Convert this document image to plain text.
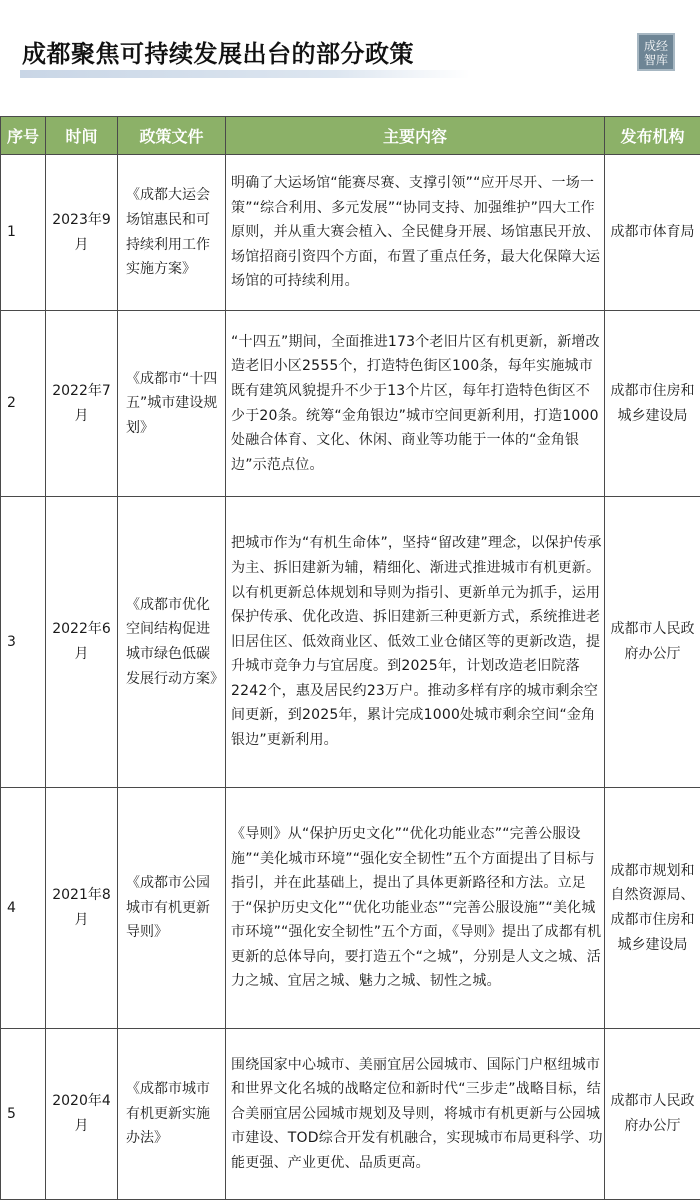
成都聚焦可持续发展出台的部分政策	成经智库
序号	时间	政策文件	主要内容	发布机构
1	2023年9月	《成都大运会场馆惠民和可持续利用工作实施方案》	明确了大运场馆“能赛尽赛、支撑引领”“应开尽开、一场一策”“综合利用、多元发展”“协同支持、加强维护”四大工作原则，并从重大赛会植入、全民健身开展、场馆惠民开放、场馆招商引资四个方面，布置了重点任务，最大化保障大运场馆的可持续利用。	成都市体育局
2	2022年7月	《成都市“十四五”城市建设规划》	“十四五”期间，全面推进173个老旧片区有机更新，新增改造老旧小区2555个，打造特色街区100条，每年实施城市既有建筑风貌提升不少于13个片区，每年打造特色街区不少于20条。统筹“金角银边”城市空间更新利用，打造1000处融合体育、文化、休闲、商业等功能于一体的“金角银边”示范点位。	成都市住房和城乡建设局
3	2022年6月	《成都市优化空间结构促进城市绿色低碳发展行动方案》	把城市作为“有机生命体”，坚持“留改建”理念，以保护传承为主、拆旧建新为辅，精细化、渐进式推进城市有机更新。以有机更新总体规划和导则为指引、更新单元为抓手，运用保护传承、优化改造、拆旧建新三种更新方式，系统推进老旧居住区、低效商业区、低效工业仓储区等的更新改造，提升城市竞争力与宜居度。到2025年，计划改造老旧院落2242个，惠及居民约23万户。推动多样有序的城市剩余空间更新，到2025年，累计完成1000处城市剩余空间“金角银边”更新利用。	成都市人民政府办公厅
4	2021年8月	《成都市公园城市有机更新导则》	《导则》从“保护历史文化”“优化功能业态”“完善公服设施”“美化城市环境”“强化安全韧性”五个方面提出了目标与指引，并在此基础上，提出了具体更新路径和方法。立足于“保护历史文化”“优化功能业态”“完善公服设施”“美化城市环境”“强化安全韧性”五个方面，《导则》提出了成都有机更新的总体导向，要打造五个“之城”，分别是人文之城、活力之城、宜居之城、魅力之城、韧性之城。	成都市规划和自然资源局、成都市住房和城乡建设局
5	2020年4月	《成都市城市有机更新实施办法》	围绕国家中心城市、美丽宜居公园城市、国际门户枢纽城市和世界文化名城的战略定位和新时代“三步走”战略目标，结合美丽宜居公园城市规划及导则，将城市有机更新与公园城市建设、TOD综合开发有机融合，实现城市布局更科学、功能更强、产业更优、品质更高。	成都市人民政府办公厅
